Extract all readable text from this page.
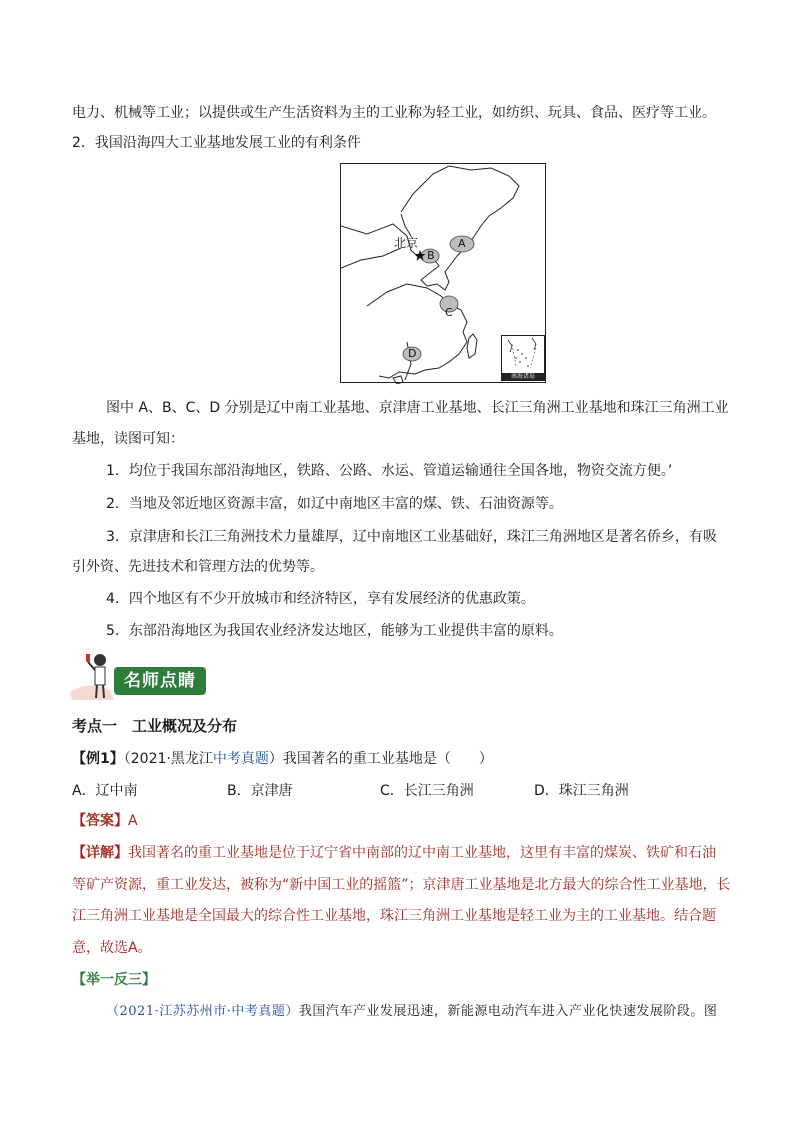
电力、机械等工业；以提供或生产生活资料为主的工业称为轻工业，如纺织、玩具、食品、医疗等工业。
2．我国沿海四大工业基地发展工业的有利条件
北京	A
B
C
D
南海诸岛
图中 A、B、C、D 分别是辽中南工业基地、京津唐工业基地、长江三角洲工业基地和珠江三角洲工业
基地，读图可知：
1．均位于我国东部沿海地区，铁路、公路、水运、管道运输通往全国各地，物资交流方便。’
2．当地及邻近地区资源丰富，如辽中南地区丰富的煤、铁、石油资源等。
3．京津唐和长江三角洲技术力量雄厚，辽中南地区工业基础好，珠江三角洲地区是著名侨乡，有吸
引外资、先进技术和管理方法的优势等。
4．四个地区有不少开放城市和经济特区，享有发展经济的优惠政策。
5．东部沿海地区为我国农业经济发达地区，能够为工业提供丰富的原料。
名师点睛
考点一　工业概况及分布
【例1】（2021·黑龙江中考真题）我国著名的重工业基地是（　　）
A．辽中南	B．京津唐	C．长江三角洲	D．珠江三角洲
【答案】A
【详解】我国著名的重工业基地是位于辽宁省中南部的辽中南工业基地，这里有丰富的煤炭、铁矿和石油
等矿产资源，重工业发达，被称为“新中国工业的摇篮”；京津唐工业基地是北方最大的综合性工业基地，长
江三角洲工业基地是全国最大的综合性工业基地，珠江三角洲工业基地是轻工业为主的工业基地。结合题
意，故选A。
【举一反三】
（2021·江苏苏州市·中考真题）我国汽车产业发展迅速，新能源电动汽车进入产业化快速发展阶段。图
